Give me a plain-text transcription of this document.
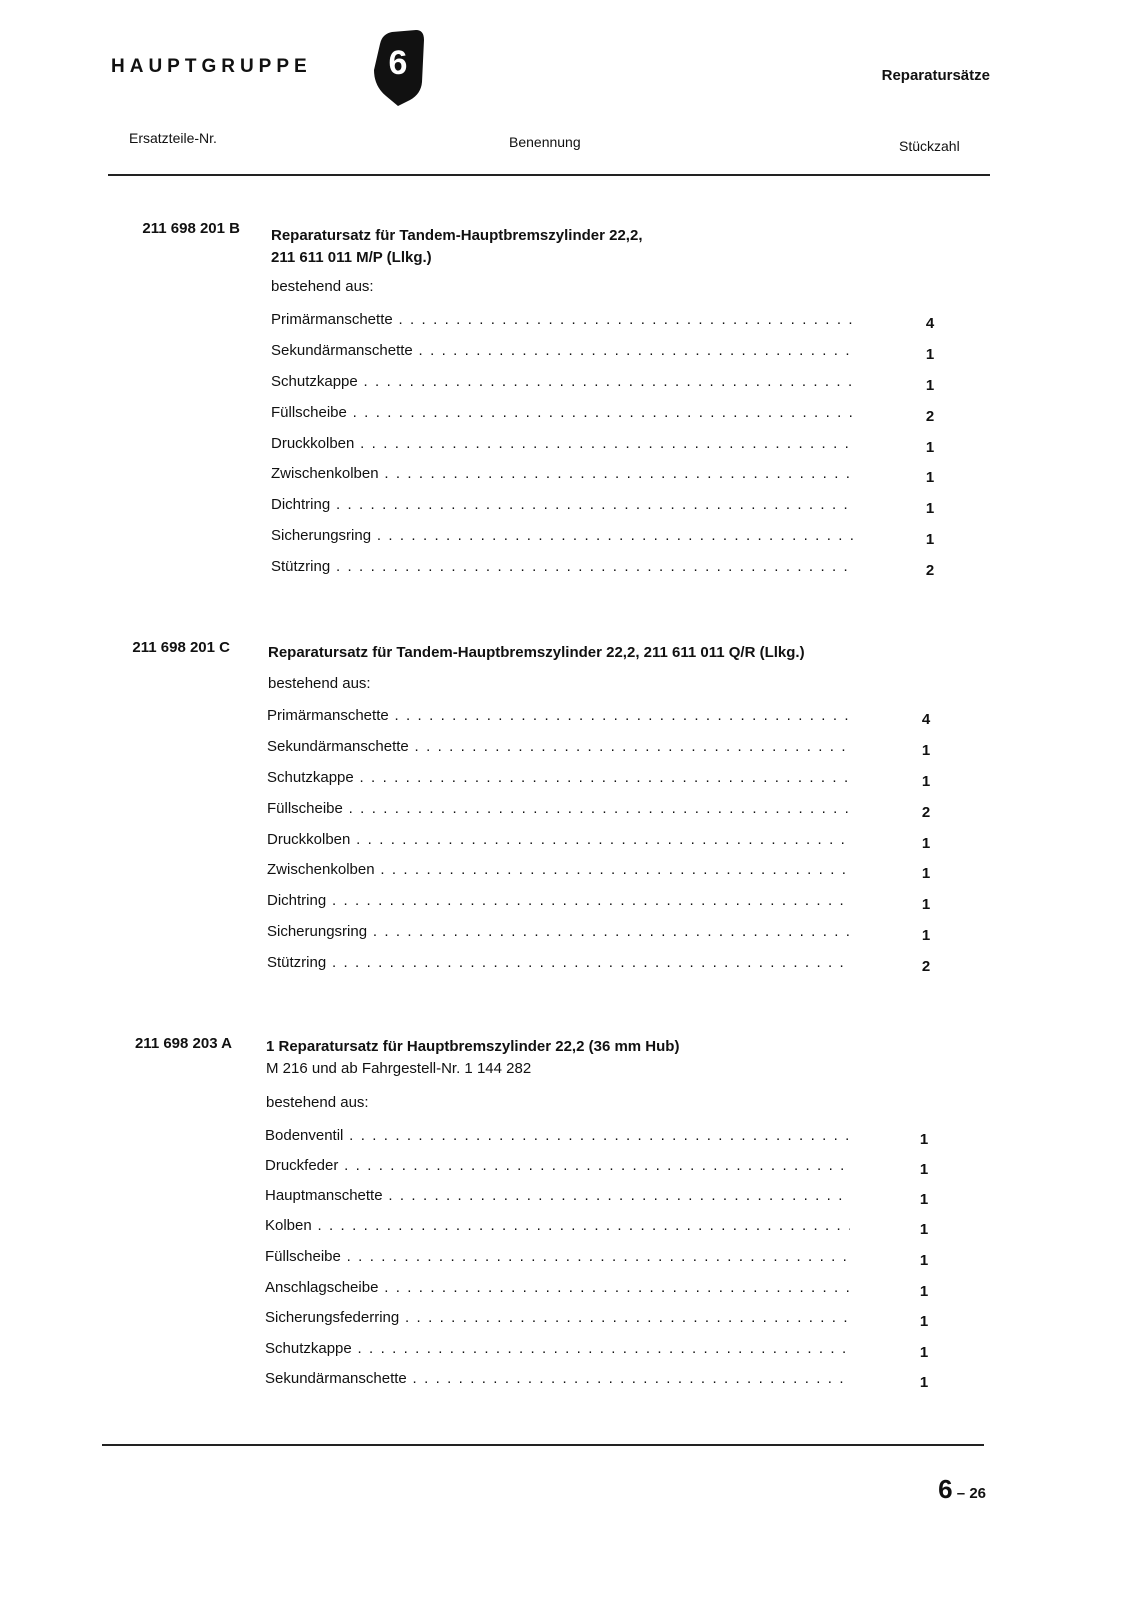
HAUPTGRUPPE	6	Reparatursätze
Ersatzteile-Nr.	Benennung	Stückzahl
211 698 201 B Reparatursatz für Tandem-Hauptbremszylinder 22,2,
211 611 011 M/P (Llkg.)
bestehend aus:
Primärmanschette . . .	4
Sekundärmanschette . . .	1
Schutzkappe . . .	1
Füllscheibe . . .	2
Druckkolben . . .	1
Zwischenkolben . . .	1
Dichtring . . .	1
Sicherungsring . . .	1
Stützring . . .	2
211 698 201 C	Reparatursatz für Tandem-Hauptbremszylinder 22,2, 211 611 011 Q/R (Llkg.)
bestehend aus:
Primärmanschette . . .	4
Sekundärmanschette . . .	1
Schutzkappe . . .	1
Füllscheibe . . .	2
Druckkolben . . .	1
Zwischenkolben . . .	1
Dichtring . . .	1
Sicherungsring . . .	1
Stützring . . .	2
211 698 203 A 1 Reparatursatz für Hauptbremszylinder 22,2 (36 mm Hub)
M 216 und ab Fahrgestell-Nr. 1 144 282
bestehend aus:
Bodenventil . . .	1
Druckfeder . . .	1
Hauptmanschette . . .	1
Kolben . . .	1
Füllscheibe . . .	1
Anschlagscheibe . . .	1
Sicherungsfederring . . .	1
Schutzkappe . . .	1
Sekundärmanschette . . .	1
6 – 26
